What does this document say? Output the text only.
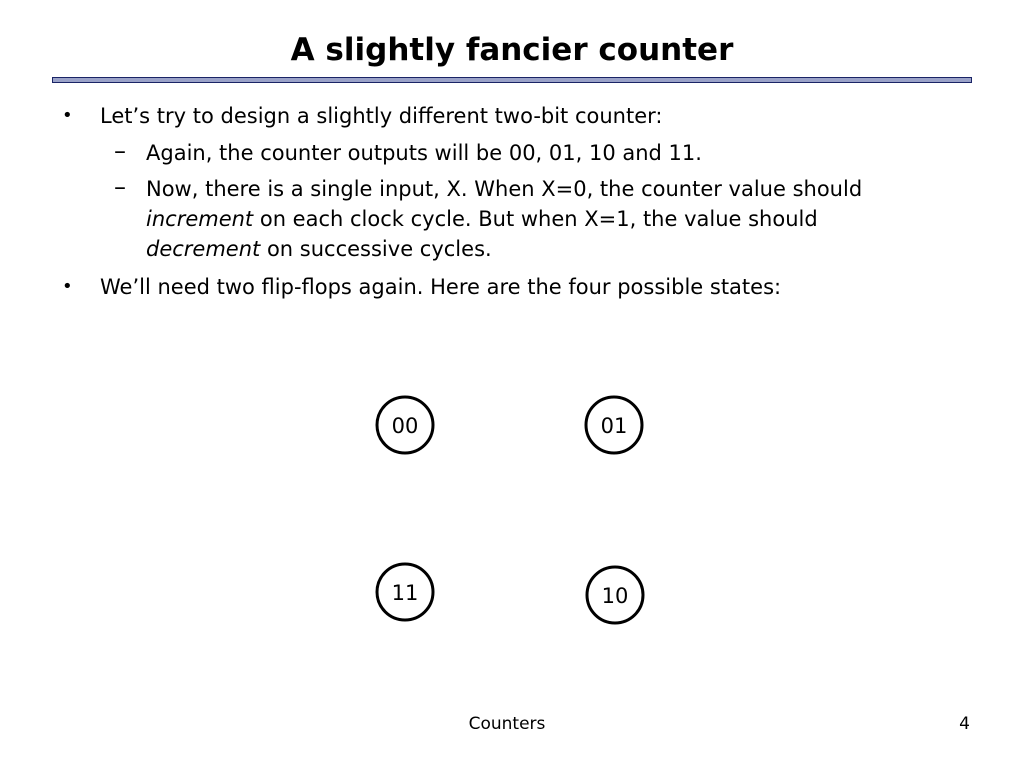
A slightly fancier counter
• Let’s try to design a slightly different two-bit counter:
– Again, the counter outputs will be 00, 01, 10 and 11.
– Now, there is a single input, X. When X=0, the counter value should
increment on each clock cycle. But when X=1, the value should
decrement on successive cycles.
• We’ll need two flip-flops again. Here are the four possible states:
00	01
11	10
Counters	4
